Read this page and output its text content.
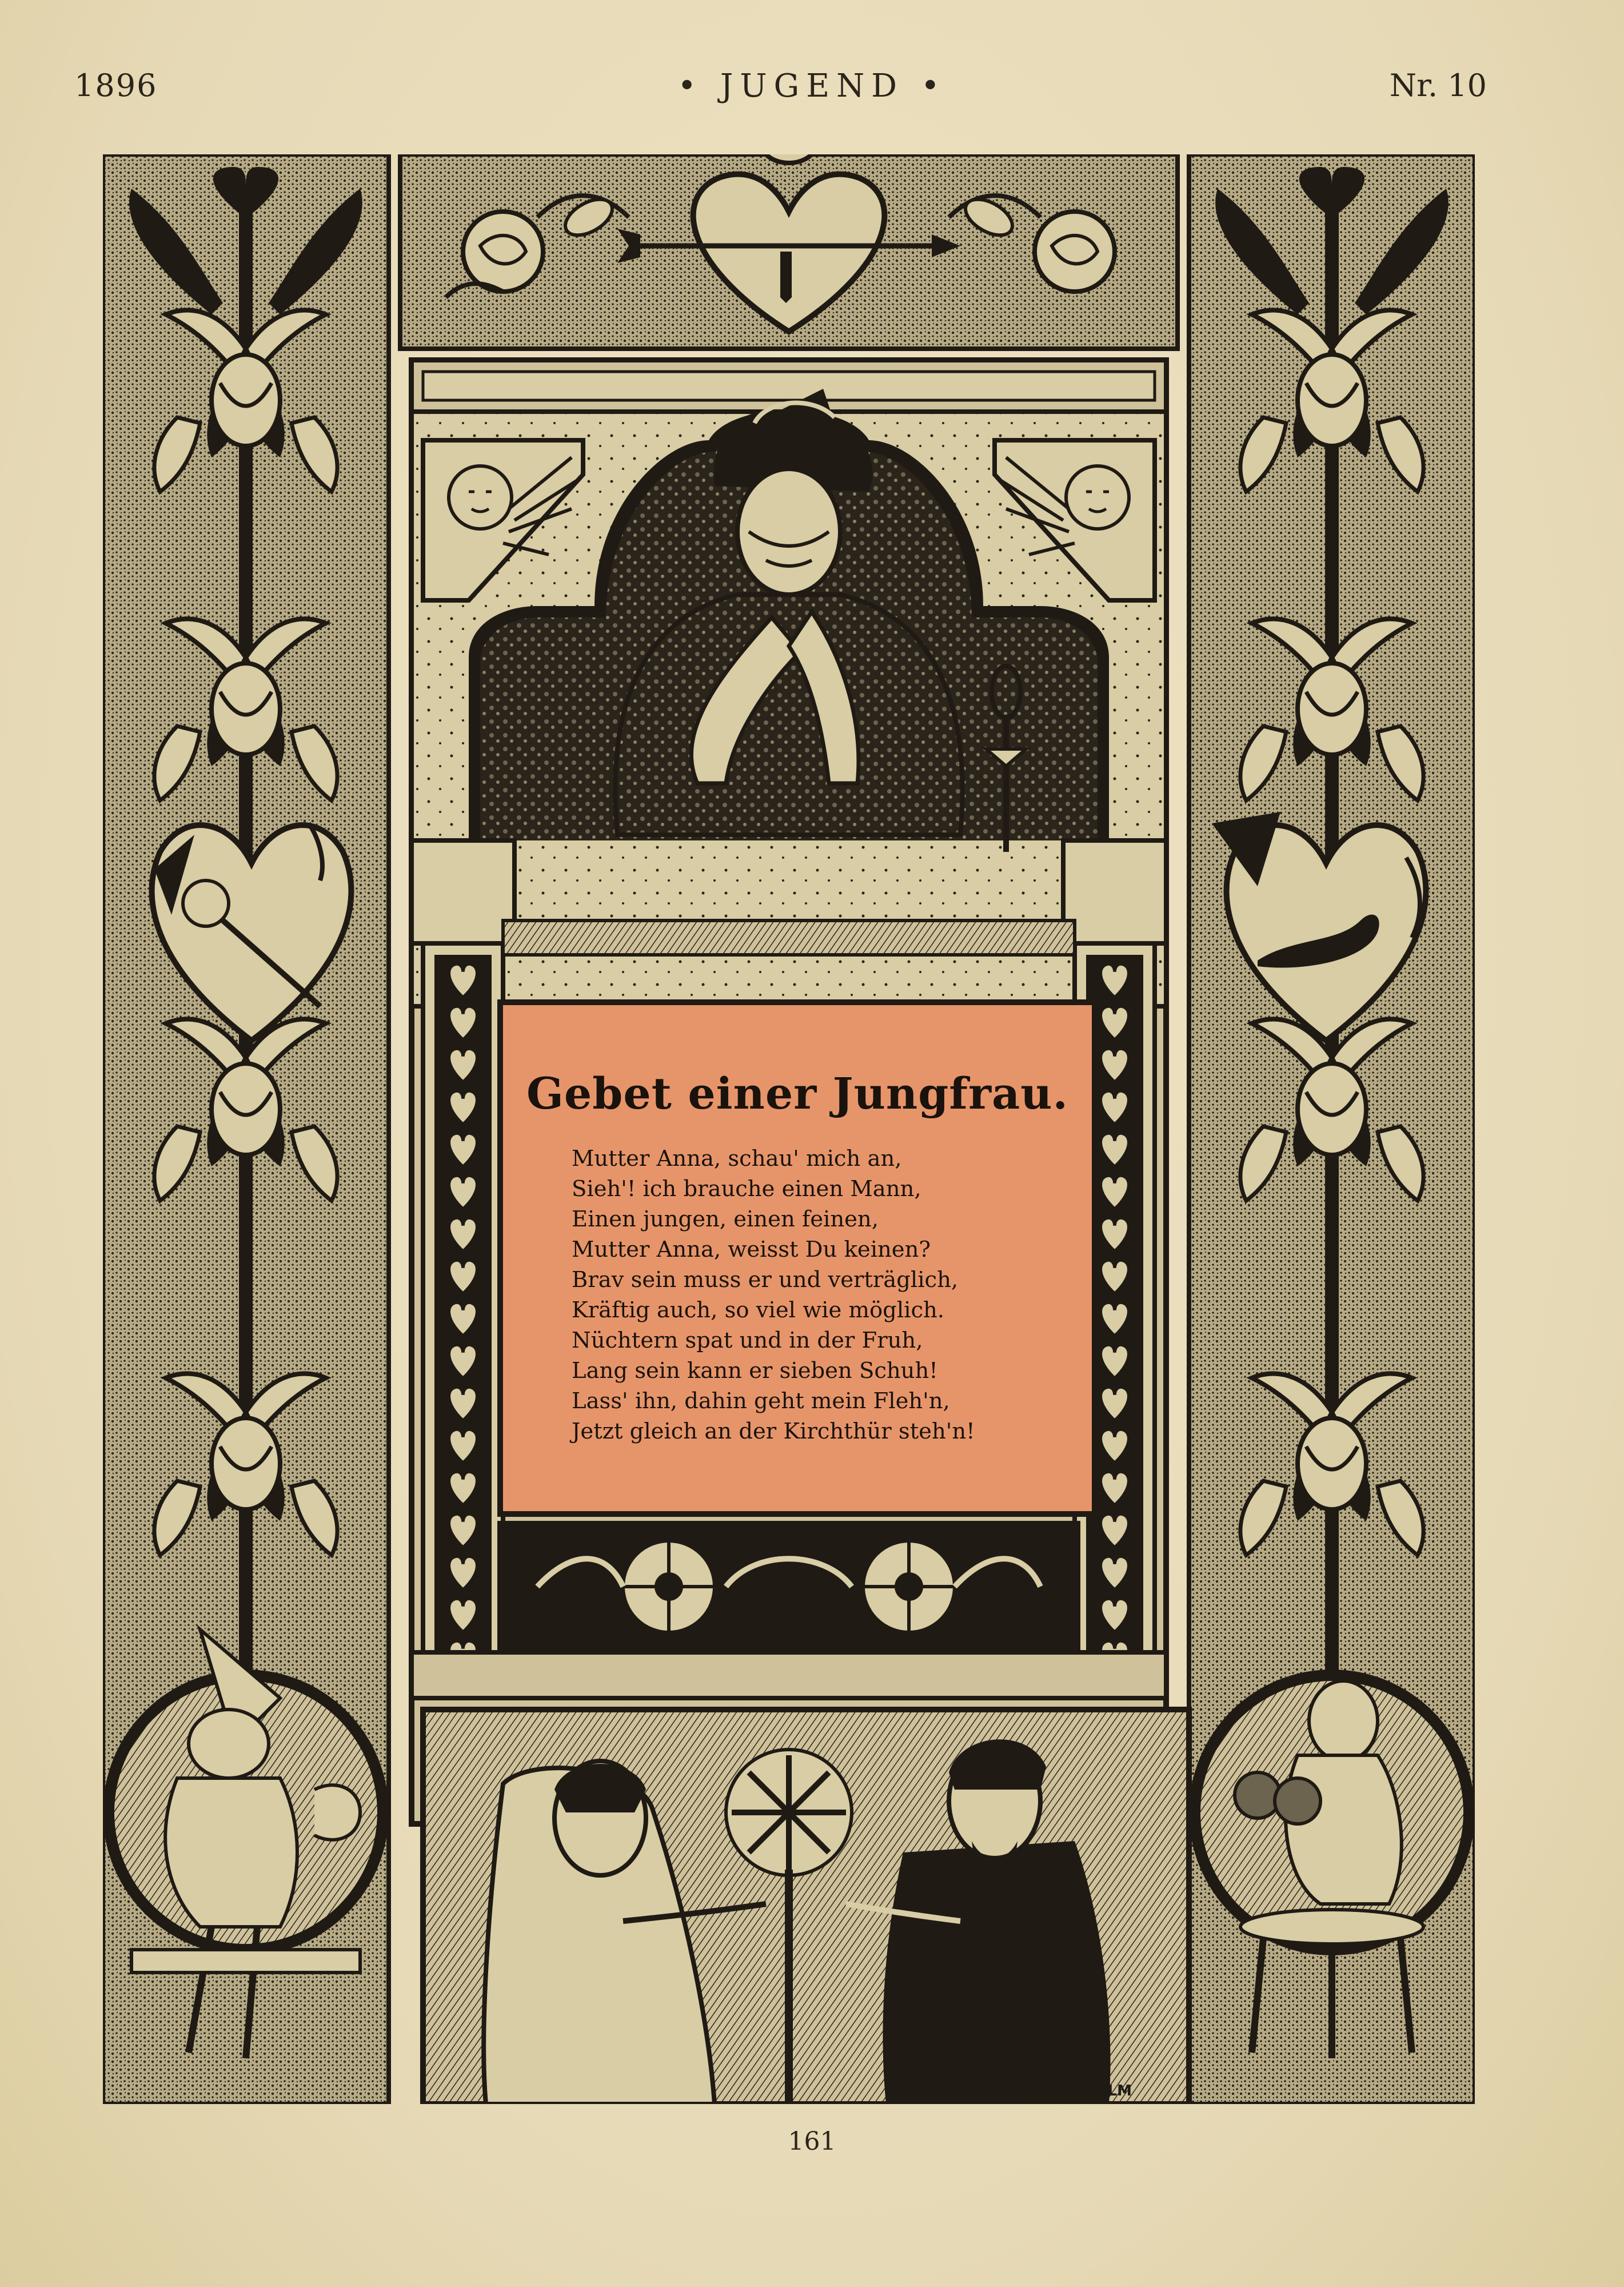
1896	• JUGEND •	Nr. 10
SCHMIDT-HELM
Gebet einer Jungfrau.
Mutter Anna, schau' mich an,
Sieh'! ich brauche einen Mann,
Einen jungen, einen feinen,
Mutter Anna, weisst Du keinen?
Brav sein muss er und verträglich,
Kräftig auch, so viel wie möglich.
Nüchtern spat und in der Fruh,
Lang sein kann er sieben Schuh!
Lass' ihn, dahin geht mein Fleh'n,
Jetzt gleich an der Kirchthür steh'n!
161
